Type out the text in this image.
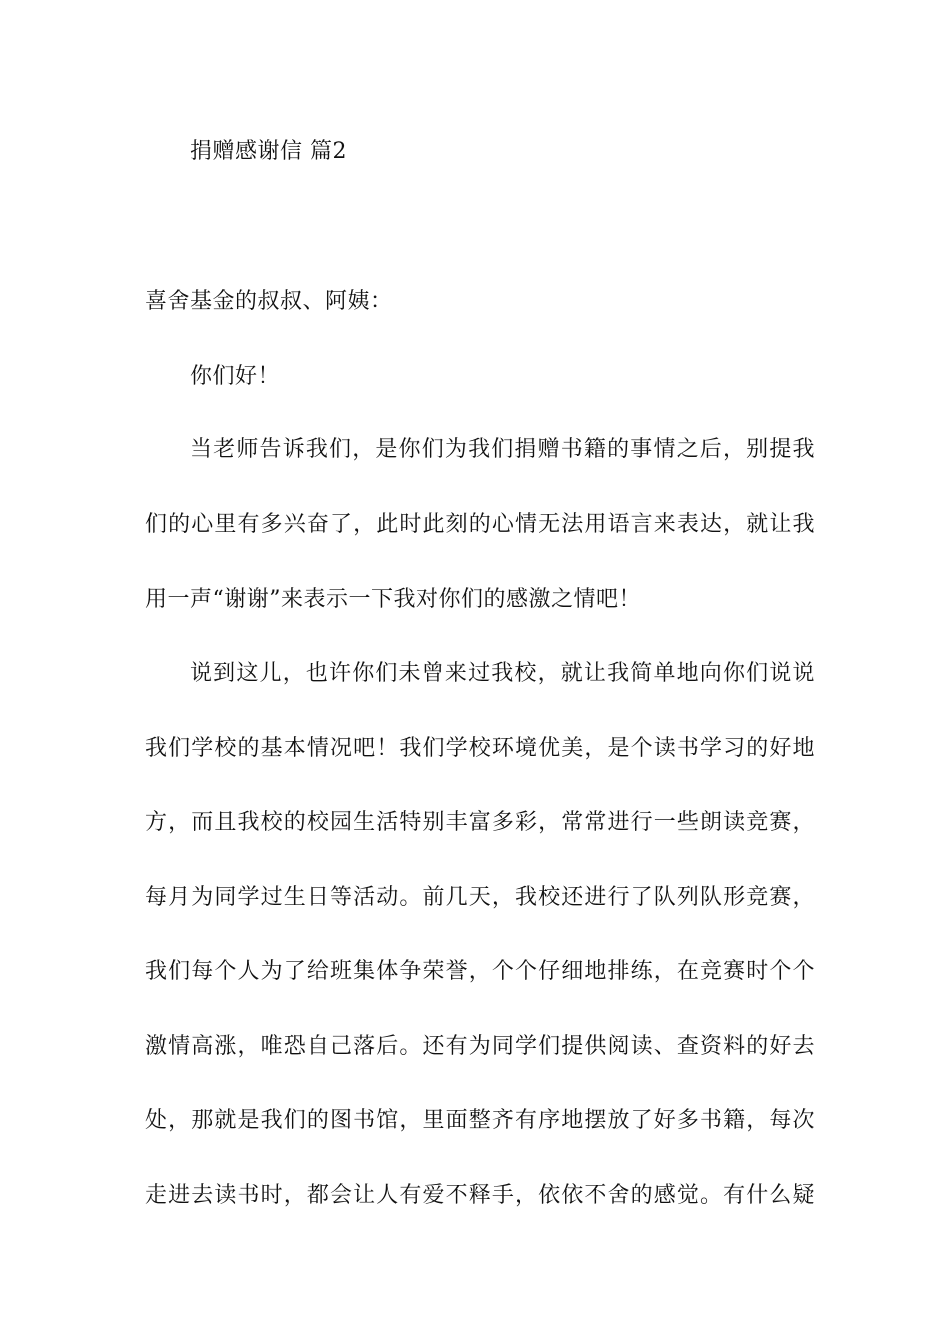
捐赠感谢信 篇2
喜舍基金的叔叔、阿姨：
你们好！
当老师告诉我们，是你们为我们捐赠书籍的事情之后，别提我
们的心里有多兴奋了，此时此刻的心情无法用语言来表达，就让我
用一声“谢谢”来表示一下我对你们的感激之情吧！
说到这儿，也许你们未曾来过我校，就让我简单地向你们说说
我们学校的基本情况吧！我们学校环境优美，是个读书学习的好地
方，而且我校的校园生活特别丰富多彩，常常进行一些朗读竞赛，
每月为同学过生日等活动。前几天，我校还进行了队列队形竞赛，
我们每个人为了给班集体争荣誉，个个仔细地排练，在竞赛时个个
激情高涨，唯恐自己落后。还有为同学们提供阅读、查资料的好去
处，那就是我们的图书馆，里面整齐有序地摆放了好多书籍，每次
走进去读书时，都会让人有爱不释手，依依不舍的感觉。有什么疑
